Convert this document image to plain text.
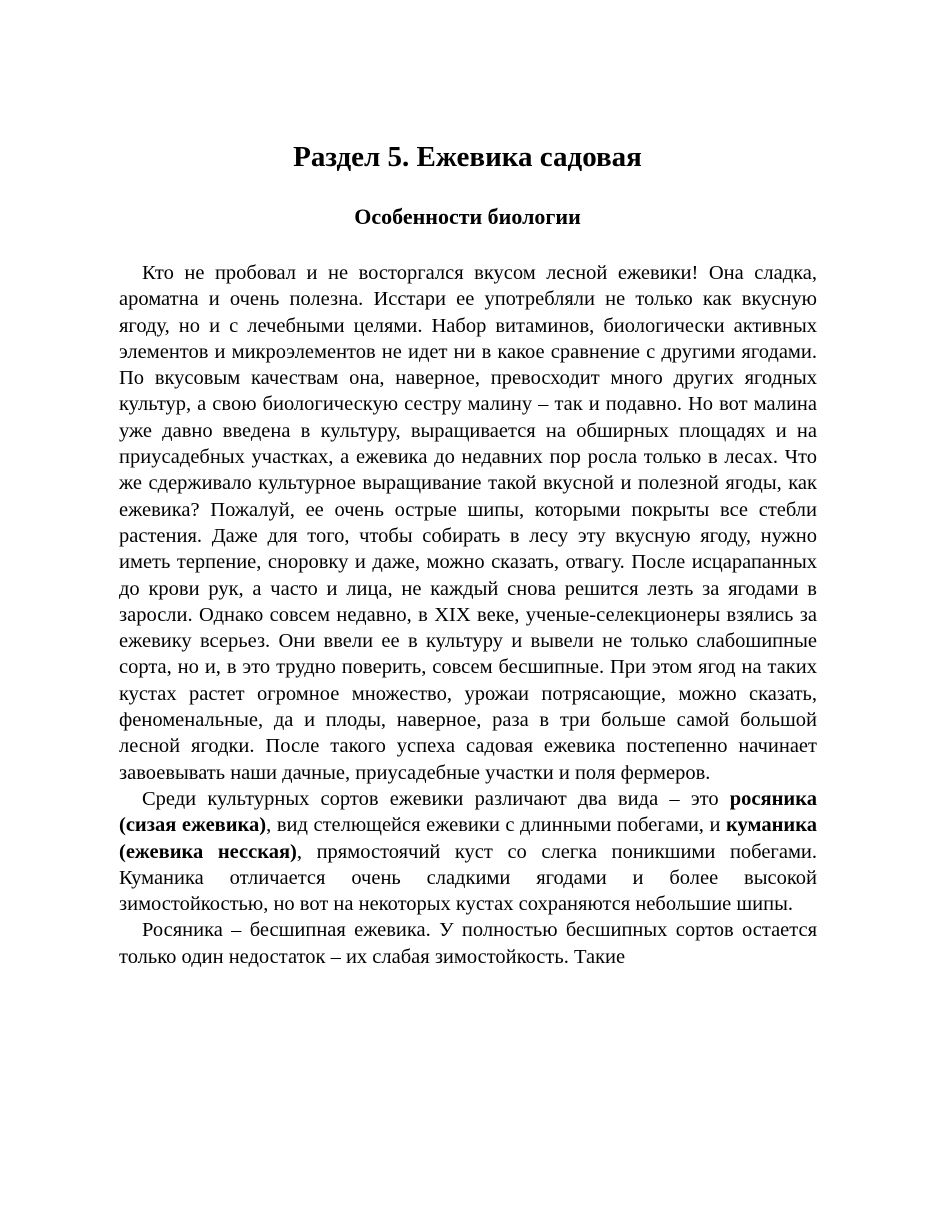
Раздел 5. Ежевика садовая
Особенности биологии

Кто не пробовал и не восторгался вкусом лесной ежевики! Она сладка, ароматна и очень полезна. Исстари ее употребляли не только как вкусную ягоду, но и с лечебными целями. Набор витаминов, биологически активных элементов и микроэлементов не идет ни в какое сравнение с другими ягодами. По вкусовым качествам она, наверное, превосходит много других ягодных культур, а свою биологическую сестру малину – так и подавно. Но вот малина уже давно введена в культуру, выращивается на обширных площадях и на приусадебных участках, а ежевика до недавних пор росла только в лесах. Что же сдерживало культурное выращивание такой вкусной и полезной ягоды, как ежевика? Пожалуй, ее очень острые шипы, которыми покрыты все стебли растения. Даже для того, чтобы собирать в лесу эту вкусную ягоду, нужно иметь терпение, сноровку и даже, можно сказать, отвагу. После исцарапанных до крови рук, а часто и лица, не каждый снова решится лезть за ягодами в заросли. Однако совсем недавно, в XIX веке, ученые-селекционеры взялись за ежевику всерьез. Они ввели ее в культуру и вывели не только слабошипные сорта, но и, в это трудно поверить, совсем бесшипные. При этом ягод на таких кустах растет огромное множество, урожаи потрясающие, можно сказать, феноменальные, да и плоды, наверное, раза в три больше самой большой лесной ягодки. После такого успеха садовая ежевика постепенно начинает завоевывать наши дачные, приусадебные участки и поля фермеров.

Среди культурных сортов ежевики различают два вида – это росяника (сизая ежевика), вид стелющейся ежевики с длинными побегами, и куманика (ежевика несская), прямостоячий куст со слегка поникшими побегами. Куманика отличается очень сладкими ягодами и более высокой зимостойкостью, но вот на некоторых кустах сохраняются небольшие шипы.

Росяника – бесшипная ежевика. У полностью бесшипных сортов остается только один недостаток – их слабая зимостойкость. Такие
